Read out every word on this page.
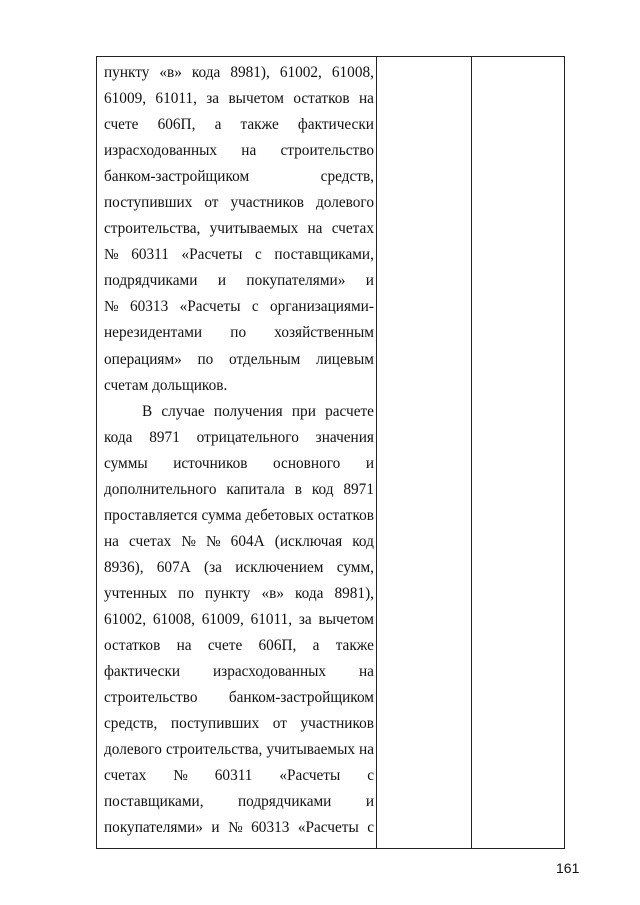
пункту «в» кода 8981), 61002, 61008,
61009, 61011, за вычетом остатков на
счете 606П, а также фактически
израсходованных на строительство
банком-застройщиком	средств,
поступивших от участников долевого
строительства, учитываемых на счетах
№ 60311 «Расчеты с поставщиками,
подрядчиками и покупателями» и
№ 60313 «Расчеты с организациями-
нерезидентами по хозяйственным
операциям» по отдельным лицевым
счетам дольщиков.
В случае получения при расчете
кода 8971 отрицательного значения
суммы источников основного и
дополнительного капитала в код 8971
проставляется сумма дебетовых остатков
на счетах № № 604А (исключая код
8936), 607А (за исключением сумм,
учтенных по пункту «в» кода 8981),
61002, 61008, 61009, 61011, за вычетом
остатков на счете 606П, а также
фактически израсходованных на
строительство банком-застройщиком
средств, поступивших от участников
долевого строительства, учитываемых на
счетах № 60311 «Расчеты с
поставщиками, подрядчиками и
покупателями» и № 60313 «Расчеты с
161
